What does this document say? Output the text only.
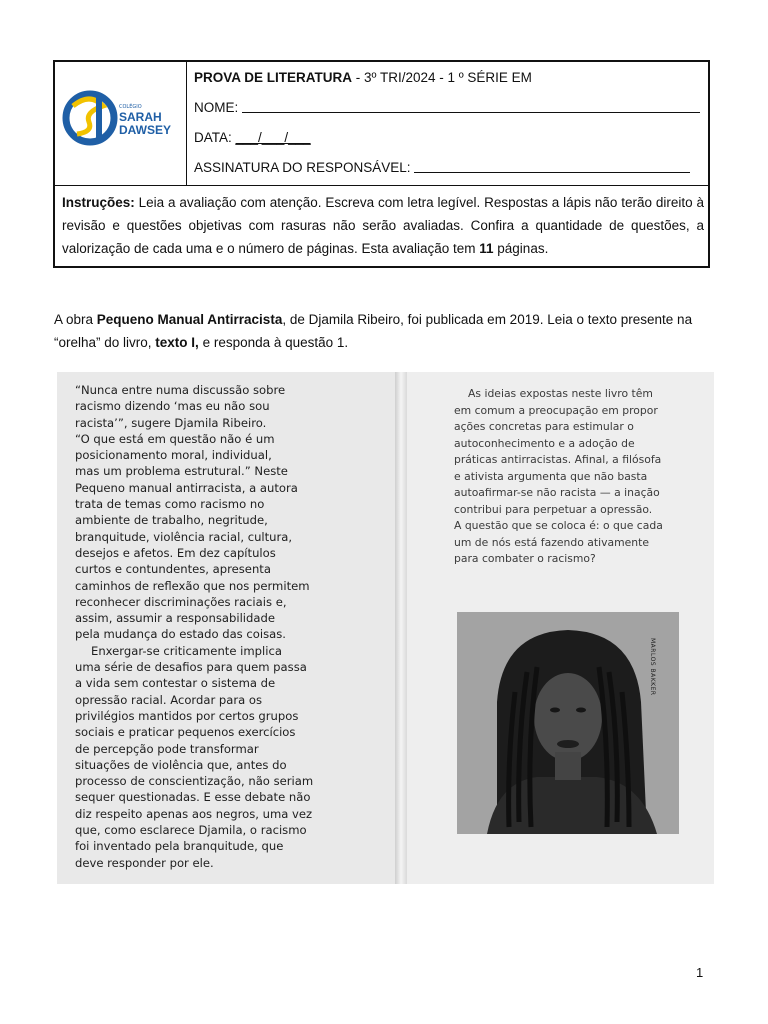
COLÉGIO
SARAH
DAWSEY
PROVA DE LITERATURA - 3º TRI/2024 - 1 º SÉRIE EM
NOME:
DATA: ___/___/___
ASSINATURA DO RESPONSÁVEL:
Instruções: Leia a avaliação com atenção. Escreva com letra legível. Respostas a lápis não terão direito à revisão e questões objetivas com rasuras não serão avaliadas. Confira a quantidade de questões, a valorização de cada uma e o número de páginas. Esta avaliação tem 11 páginas.
A obra Pequeno Manual Antirracista, de Djamila Ribeiro, foi publicada em 2019. Leia o texto presente na “orelha” do livro, texto I, e responda à questão 1.
“Nunca entre numa discussão sobre
racismo dizendo ‘mas eu não sou
racista’”, sugere Djamila Ribeiro.
“O que está em questão não é um
posicionamento moral, individual,
mas um problema estrutural.” Neste
Pequeno manual antirracista, a autora
trata de temas como racismo no
ambiente de trabalho, negritude,
branquitude, violência racial, cultura,
desejos e afetos. Em dez capítulos
curtos e contundentes, apresenta
caminhos de reflexão que nos permitem
reconhecer discriminações raciais e,
assim, assumir a responsabilidade
pela mudança do estado das coisas.
Enxergar-se criticamente implica
uma série de desafios para quem passa
a vida sem contestar o sistema de
opressão racial. Acordar para os
privilégios mantidos por certos grupos
sociais e praticar pequenos exercícios
de percepção pode transformar
situações de violência que, antes do
processo de conscientização, não seriam
sequer questionadas. E esse debate não
diz respeito apenas aos negros, uma vez
que, como esclarece Djamila, o racismo
foi inventado pela branquitude, que
deve responder por ele.
As ideias expostas neste livro têm
em comum a preocupação em propor
ações concretas para estimular o
autoconhecimento e a adoção de
práticas antirracistas. Afinal, a filósofa
e ativista argumenta que não basta
autoafirmar-se não racista — a inação
contribui para perpetuar a opressão.
A questão que se coloca é: o que cada
um de nós está fazendo ativamente
para combater o racismo?
MARLOS BAKKER
1
